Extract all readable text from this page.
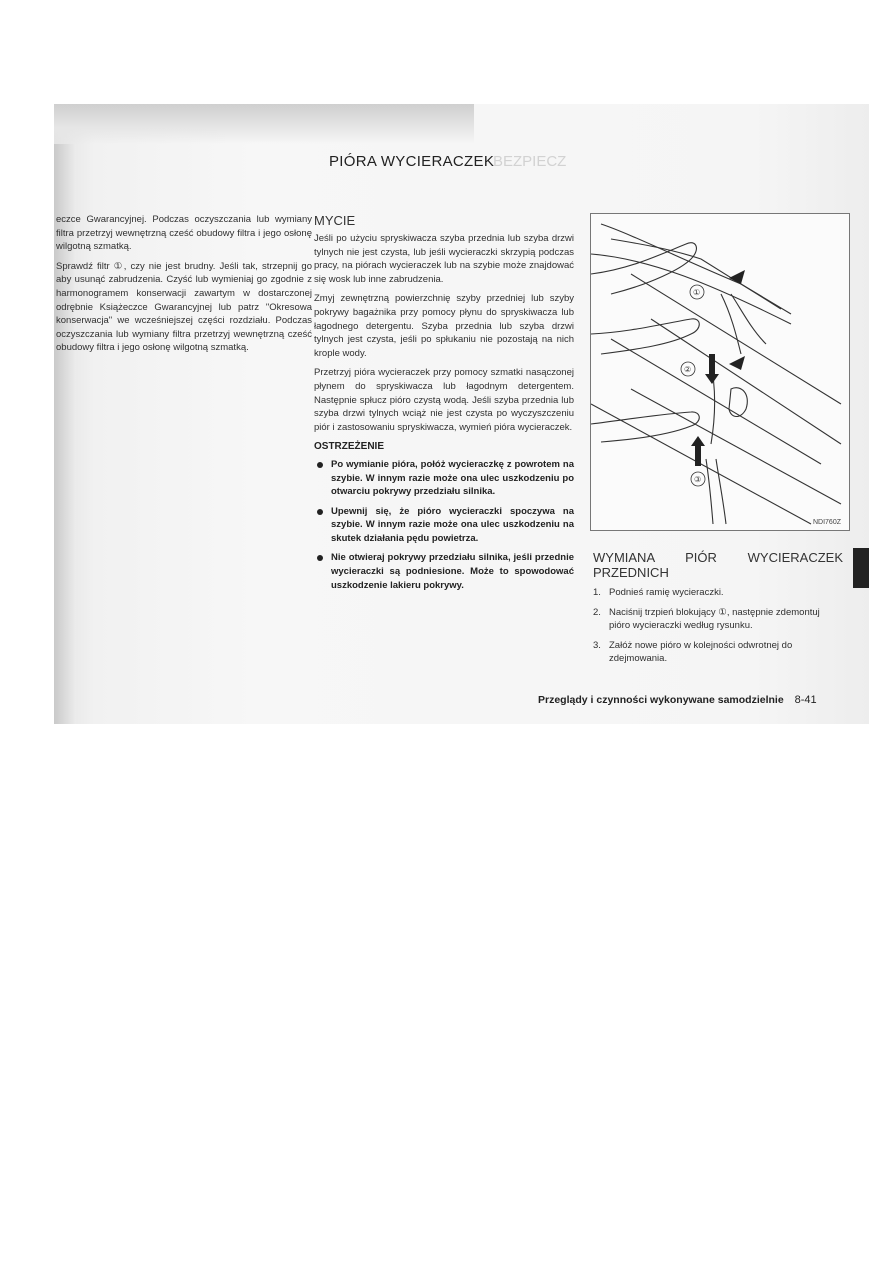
PIÓRA WYCIERACZEK
BEZPIECZ

eczce Gwarancyjnej. Podczas oczyszczania lub wymiany filtra przetrzyj wewnętrzną cześć obudowy filtra i jego osłonę wilgotną szmatką.

Sprawdź filtr ①, czy nie jest brudny. Jeśli tak, strzepnij go aby usunąć zabrudzenia. Czyść lub wymieniaj go zgodnie z harmonogramem konserwacji zawartym w dostarczonej odrębnie Książeczce Gwarancyjnej lub patrz "Okresowa konserwacja" we wcześniejszej części rozdziału. Podczas oczyszczania lub wymiany filtra przetrzyj wewnętrzną cześć obudowy filtra i jego osłonę wilgotną szmatką.

MYCIE

Jeśli po użyciu spryskiwacza szyba przednia lub szyba drzwi tylnych nie jest czysta, lub jeśli wycieraczki skrzypią podczas pracy, na piórach wycieraczek lub na szybie może znajdować się wosk lub inne zabrudzenia.

Zmyj zewnętrzną powierzchnię szyby przedniej lub szyby pokrywy bagażnika przy pomocy płynu do spryskiwacza lub łagodnego detergentu. Szyba przednia lub szyba drzwi tylnych jest czysta, jeśli po spłukaniu nie pozostają na nich krople wody.

Przetrzyj pióra wycieraczek przy pomocy szmatki nasączonej płynem do spryskiwacza lub łagodnym detergentem. Następnie spłucz pióro czystą wodą. Jeśli szyba przednia lub szyba drzwi tylnych wciąż nie jest czysta po wyczyszczeniu piór i zastosowaniu spryskiwacza, wymień pióra wycieraczek.

OSTRZEŻENIE
Po wymianie pióra, połóż wycieraczkę z powrotem na szybie. W innym razie może ona ulec uszkodzeniu po otwarciu pokrywy przedziału silnika.
Upewnij się, że pióro wycieraczki spoczywa na szybie. W innym razie może ona ulec uszkodzeniu na skutek działania pędu powietrza.
Nie otwieraj pokrywy przedziału silnika, jeśli przednie wycieraczki są podniesione. Może to spowodować uszkodzenie lakieru pokrywy.
①
②
③
NDI760Z
WYMIANA PIÓR WYCIERACZEK PRZEDNICH
1. Podnieś ramię wycieraczki.
2. Naciśnij trzpień blokujący ①, następnie zdemontuj pióro wycieraczki według rysunku.
3. Załóż nowe pióro w kolejności odwrotnej do zdejmowania.
Przeglądy i czynności wykonywane samodzielnie 8-41
